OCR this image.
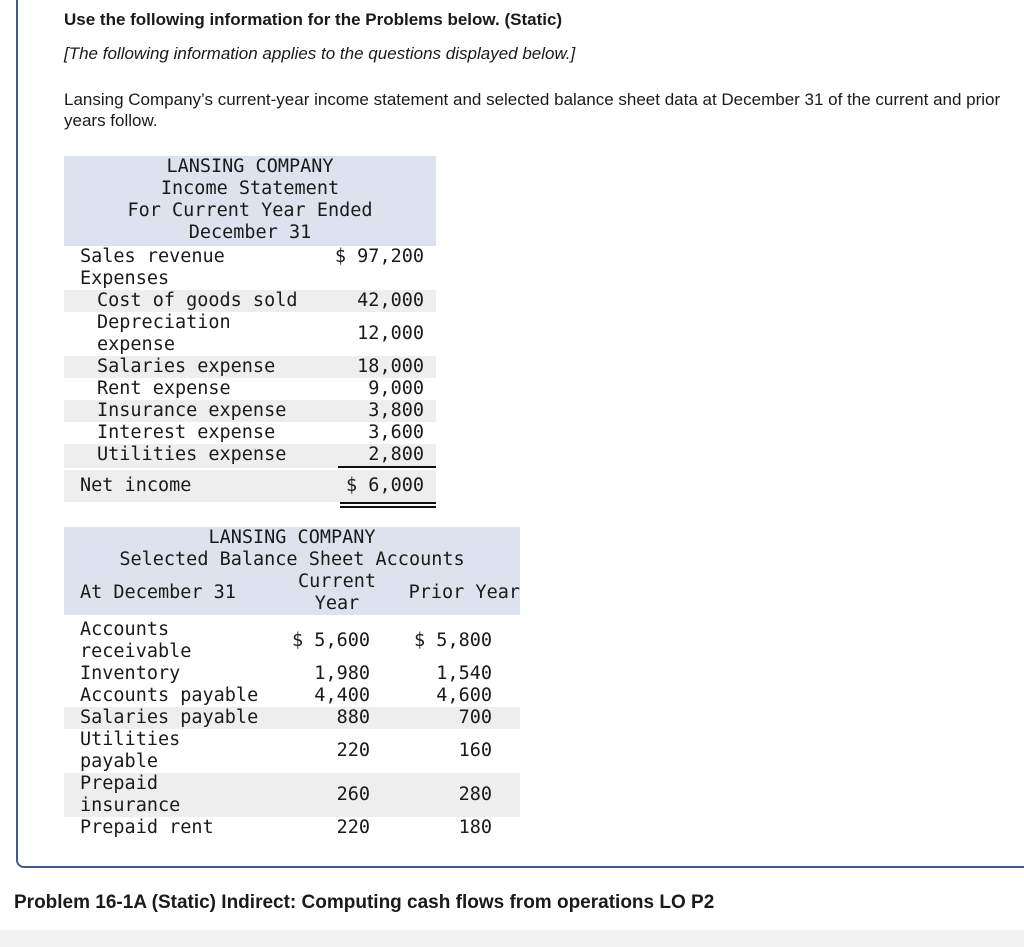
Use the following information for the Problems below. (Static)
[The following information applies to the questions displayed below.]
Lansing Company’s current-year income statement and selected balance sheet data at December 31 of the current and prior years follow.
LANSING COMPANY
Income Statement
For Current Year Ended
December 31
Sales revenue	$ 97,200
Expenses
Cost of goods sold	42,000
Depreciation expense
12,000
Salaries expense	18,000
Rent expense	9,000
Insurance expense	3,800
Interest expense	3,600
Utilities expense	2,800
Net income	$ 6,000
LANSING COMPANY
Selected Balance Sheet Accounts
At December 31
Current Year
Prior Year
Accounts receivable
$ 5,600 $ 5,800
Inventory	1,980	1,540
Accounts payable	4,400	4,600
Salaries payable	880	700
Utilities payable
220	160
Prepaid insurance
260	280
Prepaid rent	220	180
Problem 16-1A (Static) Indirect: Computing cash flows from operations LO P2
